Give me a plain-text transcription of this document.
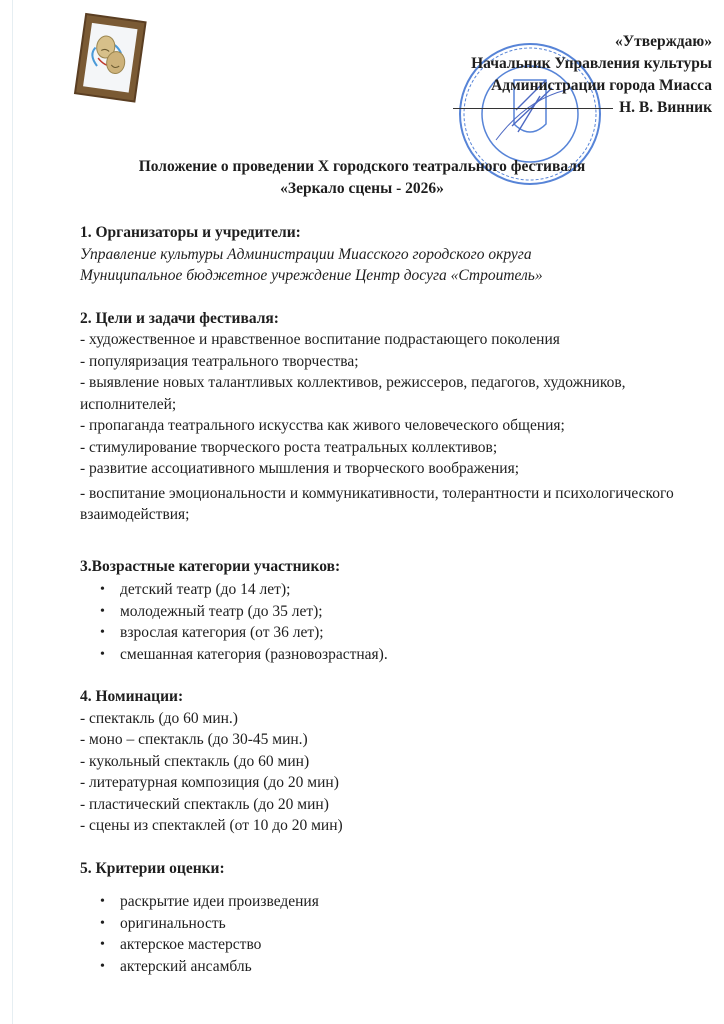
«Утверждаю»
Начальник Управления культуры
Администрации города Миасса
Н. В. Винник
Положение о проведении Х городского театрального фестиваля
«Зеркало сцены - 2026»

1. Организаторы и учредители:

Управление культуры Администрации Миасского городского округа

Муниципальное бюджетное учреждение Центр досуга «Строитель»

2. Цели и задачи фестиваля:

- художественное и нравственное воспитание подрастающего поколения

- популяризация театрального творчества;

- выявление новых талантливых коллективов, режиссеров, педагогов, художников, исполнителей;

- пропаганда театрального искусства как живого человеческого общения;

- стимулирование творческого роста театральных коллективов;

- развитие ассоциативного мышления и творческого воображения;

- воспитание эмоциональности и коммуникативности, толерантности и психологического взаимодействия;

3.Возрастные категории участников:

• детский театр (до 14 лет);
• молодежный театр (до 35 лет);
• взрослая категория (от 36 лет);
• смешанная категория (разновозрастная).

4. Номинации:

- спектакль (до 60 мин.)

- моно – спектакль (до 30-45 мин.)

- кукольный спектакль (до 60 мин)

- литературная композиция (до 20 мин)

- пластический спектакль (до 20 мин)

- сцены из спектаклей (от 10 до 20 мин)

5. Критерии оценки:

• раскрытие идеи произведения
• оригинальность
• актерское мастерство
• актерский ансамбль
